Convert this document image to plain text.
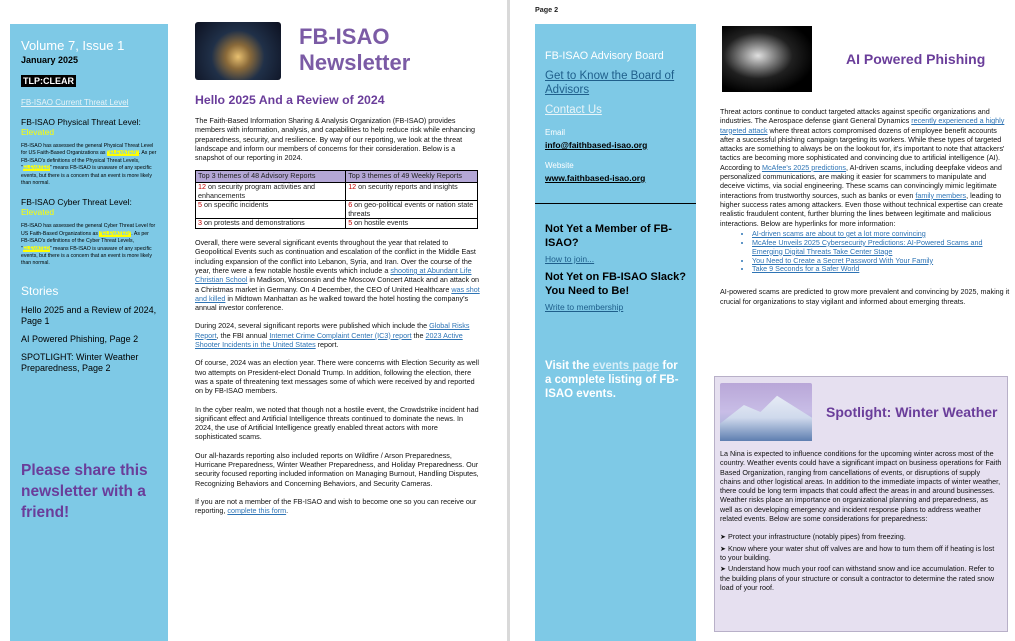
Volume 7, Issue 1
January 2025
TLP:CLEAR
FB-ISAO Current Threat Level
FB-ISAO Physical Threat Level:
Elevated
FB-ISAO has assessed the general Physical Threat Level for US Faith-Based Organizations as "ELEVATED". As per FB-ISAO's definitions of the Physical Threat Levels, "ELEVATED" means FB-ISAO is unaware of any specific events, but there is a concern that an event is more likely than normal.
FB-ISAO Cyber Threat Level:
Elevated
FB-ISAO has assessed the general Cyber Threat Level for US Faith-Based Organizations as "ELEVATED". As per FB-ISAO's definitions of the Cyber Threat Levels, "ELEVATED" means FB-ISAO is unaware of any specific events, but there is a concern that an event is more likely than normal.
Stories
Hello 2025 and a Review of 2024, Page 1
AI Powered Phishing, Page 2
SPOTLIGHT: Winter Weather Preparedness, Page 2
Please share this newsletter with a friend!
FB-ISAO
Newsletter
Hello 2025 And a Review of 2024
The Faith-Based Information Sharing & Analysis Organization (FB-ISAO) provides members with information, analysis, and capabilities to help reduce risk while enhancing preparedness, security, and resilience. By way of our reporting, we look at the threat landscape and inform our members of concerns for their consideration. Below is a snapshot of our reporting in 2024.
Top 3 themes of 48 Advisory Reports	Top 3 themes of 49 Weekly Reports
12 on security program activities and enhancements	12 on security reports and insights
5 on specific incidents	6 on geo-political events or nation state threats
3 on protests and demonstrations	5 on hostile events
Overall, there were several significant events throughout the year that related to Geopolitical Events such as continuation and escalation of the conflict in the Middle East including expansion of the conflict into Lebanon, Syria, and Iran. Over the course of the year, there were a few notable hostile events which include a shooting at Abundant Life Christian School in Madison, Wisconsin and the Moscow Concert Attack and an attack on a Christmas market in Germany. On 4 December, the CEO of United Healthcare was shot and killed in Midtown Manhattan as he walked toward the hotel hosting the company's annual investor conference.
During 2024, several significant reports were published which include the Global Risks Report, the FBI annual Internet Crime Complaint Center (IC3) report the 2023 Active Shooter Incidents in the United States report.
Of course, 2024 was an election year. There were concerns with Election Security as well two attempts on President-elect Donald Trump. In addition, following the election, there was a spate of threatening text messages some of which were received by and reported on by FB-ISAO members.
In the cyber realm, we noted that though not a hostile event, the Crowdstrike incident had significant effect and Artificial Intelligence threats continued to dominate the news. In 2024, the use of Artificial Intelligence greatly enabled threat actors with more sophisticated scams.
Our all-hazards reporting also included reports on Wildfire / Arson Preparedness, Hurricane Preparedness, Winter Weather Preparedness, and Holiday Preparedness. Our security focused reporting included information on Managing Burnout, Handling Disputes, Recognizing Behaviors and Concerning Behaviors, and Security Cameras.
If you are not a member of the FB-ISAO and wish to become one so you can receive our reporting, complete this form.
Page 2
FB-ISAO Advisory Board
Get to Know the Board of Advisors
Contact Us
Email
info@faithbased-isao.org
Website
www.faithbased-isao.org
Not Yet a Member of FB-ISAO?
How to join...
Not Yet on FB-ISAO Slack? You Need to Be!
Write to membership
Visit the events page for a complete listing of FB-ISAO events.
AI Powered Phishing
Threat actors continue to conduct targeted attacks against specific organizations and industries. The Aerospace defense giant General Dynamics recently experienced a highly targeted attack where threat actors compromised dozens of employee benefit accounts after a successful phishing campaign targeting its workers. While these types of targeted attacks are something to always be on the lookout for, it's important to note that attackers' tactics are becoming more sophisticated and convincing due to artificial intelligence (AI). According to McAfee's 2025 predictions, AI-driven scams, including deepfake videos and personalized communications, are making it easier for scammers to manipulate and deceive victims, via social engineering. These scams can convincingly mimic legitimate interactions from trustworthy sources, such as banks or even family members, leading to higher success rates among attackers. Even those without technical expertise can create realistic fraudulent content, further blurring the lines between legitimate and malicious interactions. Below are hyperlinks for more information:
• AI-driven scams are about to get a lot more convincing
• McAfee Unveils 2025 Cybersecurity Predictions: AI-Powered Scams and Emerging Digital Threats Take Center Stage
• You Need to Create a Secret Password With Your Family
• Take 9 Seconds for a Safer World
AI-powered scams are predicted to grow more prevalent and convincing by 2025, making it crucial for organizations to stay vigilant and informed about emerging threats.
Spotlight: Winter Weather
La Nina is expected to influence conditions for the upcoming winter across most of the country. Weather events could have a significant impact on business operations for Faith Based Organization, ranging from cancellations of events, or disruptions of supply chains and other logistical areas. In addition to the immediate impacts of winter weather, there could be long term impacts that could affect the areas in and around businesses. Weather risks place an importance on organizational planning and preparedness, as well as on developing emergency and incident response plans to address weather related events. Below are some considerations for preparedness:
➤ Protect your infrastructure (notably pipes) from freezing.
➤ Know where your water shut off valves are and how to turn them off if heating is lost to your building.
➤ Understand how much your roof can withstand snow and ice accumulation. Refer to the building plans of your structure or consult a contractor to determine the rated snow load of your roof.
